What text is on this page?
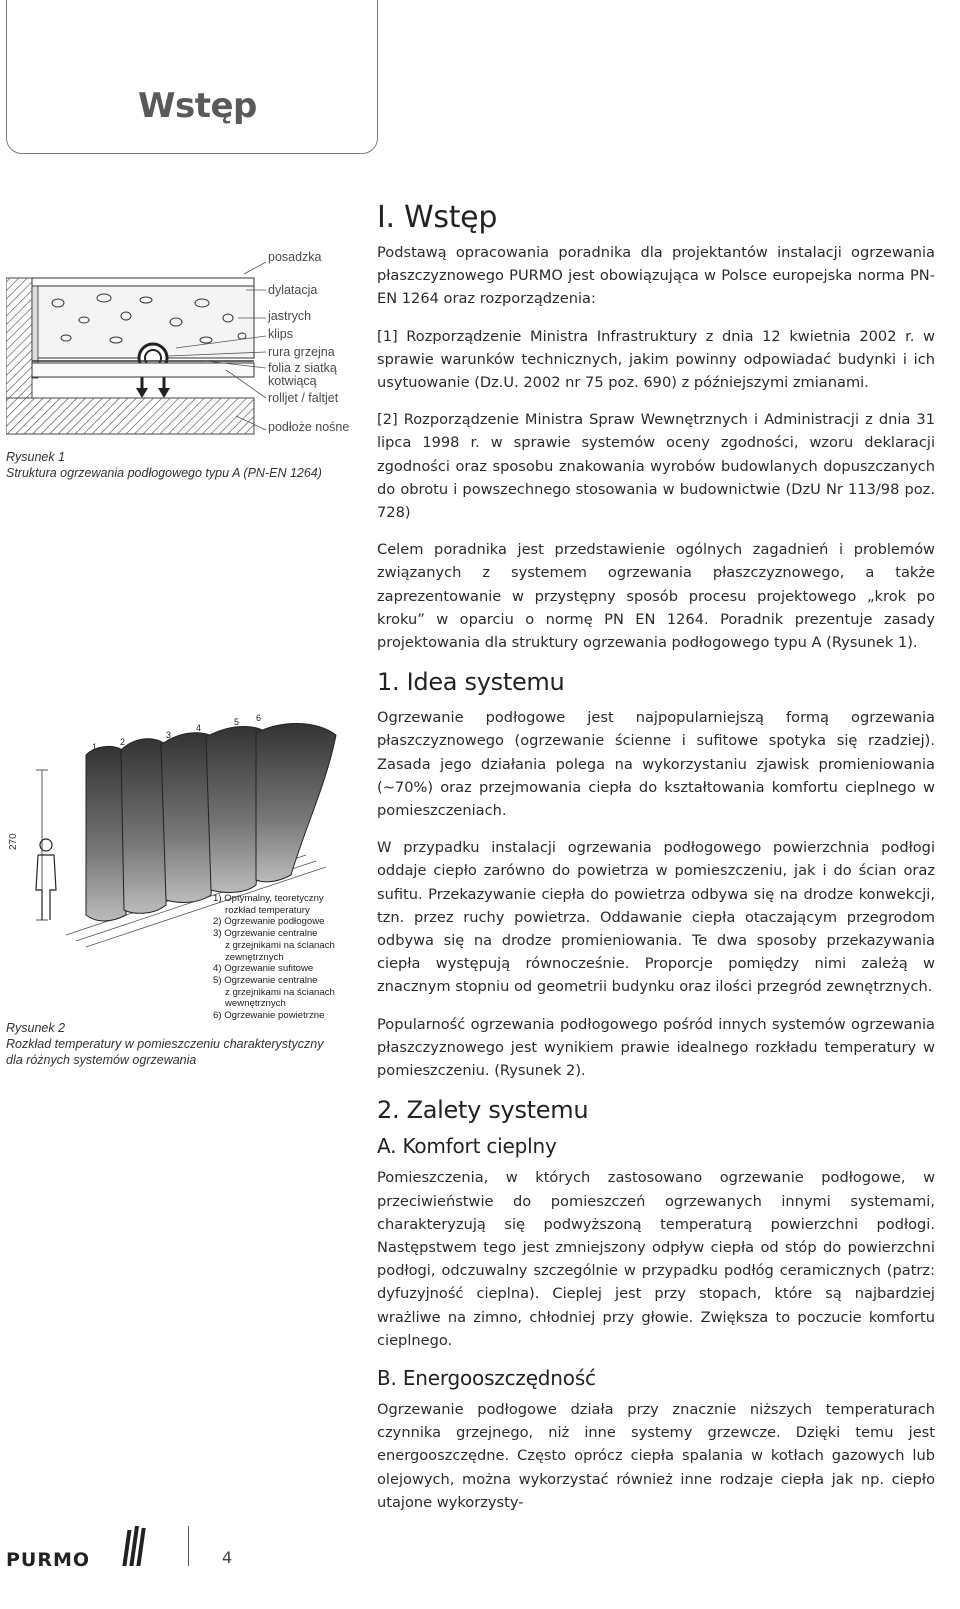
Wstęp
posadzka
dylatacja
jastrych
klips
rura grzejna
folia z siatką
kotwiącą
rolljet / faltjet
podłoże nośne
Rysunek 1
Struktura ogrzewania podłogowego typu A (PN-EN 1264)
270
1	2
3
4
5 6
1) Optymalny, teoretyczny
rozkład temperatury
2) Ogrzewanie podłogowe
3) Ogrzewanie centralne
z grzejnikami na ścianach
zewnętrznych
4) Ogrzewanie sufitowe
5) Ogrzewanie centralne
z grzejnikami na ścianach
wewnętrznych
6) Ogrzewanie powietrzne
Rysunek 2
Rozkład temperatury w pomieszczeniu charakterystyczny
dla różnych systemów ogrzewania
I. Wstęp

Podstawą opracowania poradnika dla projektantów instalacji ogrzewania płaszczyznowego PURMO jest obowiązująca w Polsce europejska norma PN-EN 1264 oraz rozporządzenia:

[1] Rozporządzenie Ministra Infrastruktury z dnia 12 kwietnia 2002 r. w sprawie warunków technicznych, jakim powinny odpowiadać budynki i ich usytuowanie (Dz.U. 2002 nr 75 poz. 690) z późniejszymi zmianami.

[2] Rozporządzenie Ministra Spraw Wewnętrznych i Administracji z dnia 31 lipca 1998 r. w sprawie systemów oceny zgodności, wzoru deklaracji zgodności oraz sposobu znakowania wyrobów budowlanych dopuszczanych do obrotu i powszechnego stosowania w budownictwie (DzU Nr 113/98 poz. 728)

Celem poradnika jest przedstawienie ogólnych zagadnień i problemów związanych z systemem ogrzewania płaszczyznowego, a także zaprezentowanie w przystępny sposób procesu projektowego „krok po kroku” w oparciu o normę PN EN 1264. Poradnik prezentuje zasady projektowania dla struktury ogrzewania podłogowego typu A (Rysunek 1).

1. Idea systemu

Ogrzewanie podłogowe jest najpopularniejszą formą ogrzewania płaszczyznowego (ogrzewanie ścienne i sufitowe spotyka się rzadziej). Zasada jego działania polega na wykorzystaniu zjawisk promieniowania (~70%) oraz przejmowania ciepła do kształtowania komfortu cieplnego w pomieszczeniach.

W przypadku instalacji ogrzewania podłogowego powierzchnia podłogi oddaje ciepło zarówno do powietrza w pomieszczeniu, jak i do ścian oraz sufitu. Przekazywanie ciepła do powietrza odbywa się na drodze konwekcji, tzn. przez ruchy powietrza. Oddawanie ciepła otaczającym przegrodom odbywa się na drodze promieniowania. Te dwa sposoby przekazywania ciepła występują równocześnie. Proporcje pomiędzy nimi zależą w znacznym stopniu od geometrii budynku oraz ilości przegród zewnętrznych.

Popularność ogrzewania podłogowego pośród innych systemów ogrzewania płaszczyznowego jest wynikiem prawie idealnego rozkładu temperatury w pomieszczeniu. (Rysunek 2).

2. Zalety systemu
A. Komfort cieplny

Pomieszczenia, w których zastosowano ogrzewanie podłogowe, w przeciwieństwie do pomieszczeń ogrzewanych innymi systemami, charakteryzują się podwyższoną temperaturą powierzchni podłogi. Następstwem tego jest zmniejszony odpływ ciepła od stóp do powierzchni podłogi, odczuwalny szczególnie w przypadku podłóg ceramicznych (patrz: dyfuzyjność cieplna). Cieplej jest przy stopach, które są najbardziej wrażliwe na zimno, chłodniej przy głowie. Zwiększa to poczucie komfortu cieplnego.

B. Energooszczędność

Ogrzewanie podłogowe działa przy znacznie niższych temperaturach czynnika grzejnego, niż inne systemy grzewcze. Dzięki temu jest energooszczędne. Często oprócz ciepła spalania w kotłach gazowych lub olejowych, można wykorzystać również inne rodzaje ciepła jak np. ciepło utajone wykorzysty-

PURMO	4
